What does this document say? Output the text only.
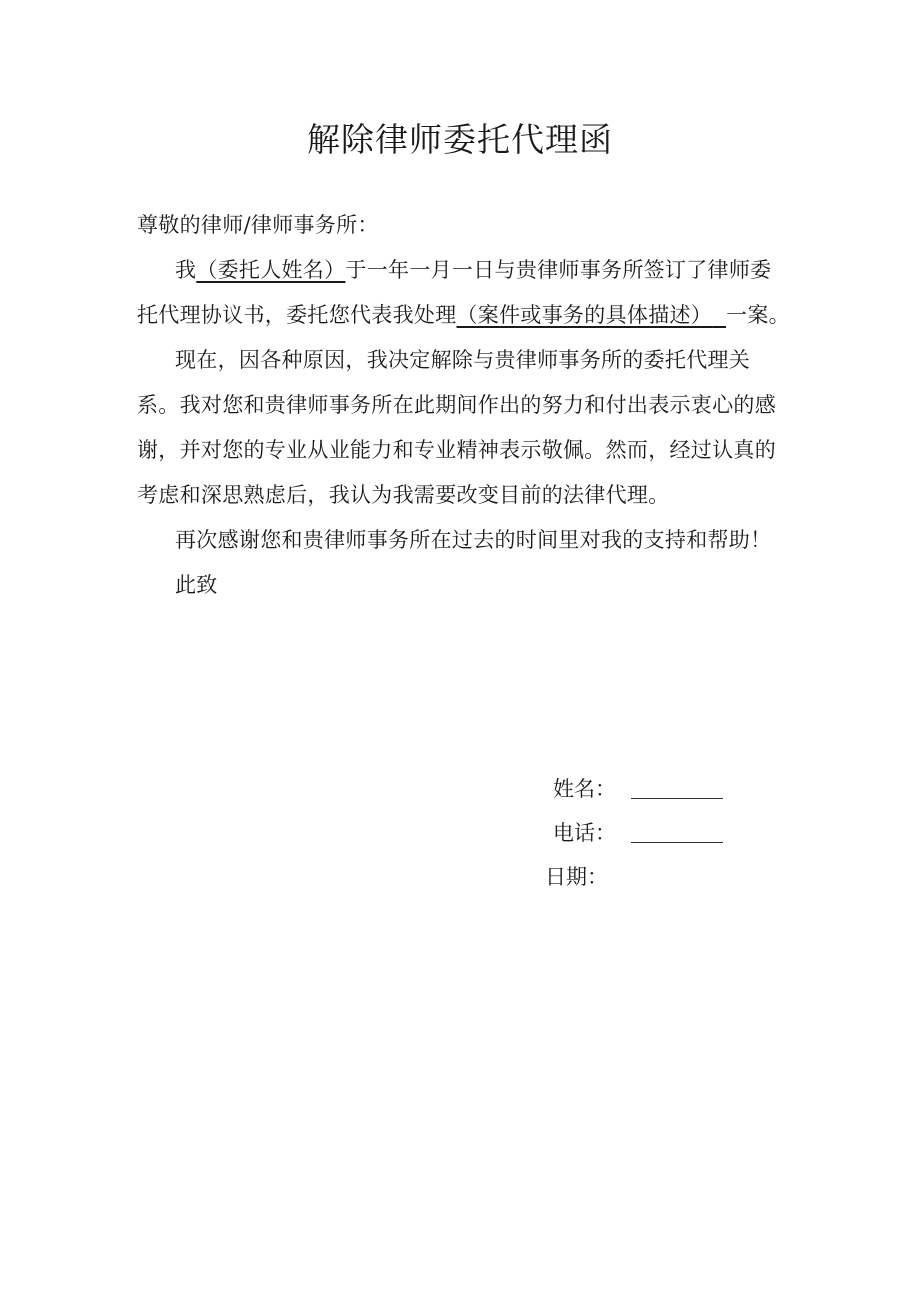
解除律师委托代理函

尊敬的律师/律师事务所：

我（委托人姓名）于一年一月一日与贵律师事务所签订了律师委托代理协议书，委托您代表我处理（案件或事务的具体描述） 一案。

现在，因各种原因，我决定解除与贵律师事务所的委托代理关系。我对您和贵律师事务所在此期间作出的努力和付出表示衷心的感谢，并对您的专业从业能力和专业精神表示敬佩。然而，经过认真的考虑和深思熟虑后，我认为我需要改变目前的法律代理。

再次感谢您和贵律师事务所在过去的时间里对我的支持和帮助！

此致

姓名：
电话：
日期：
